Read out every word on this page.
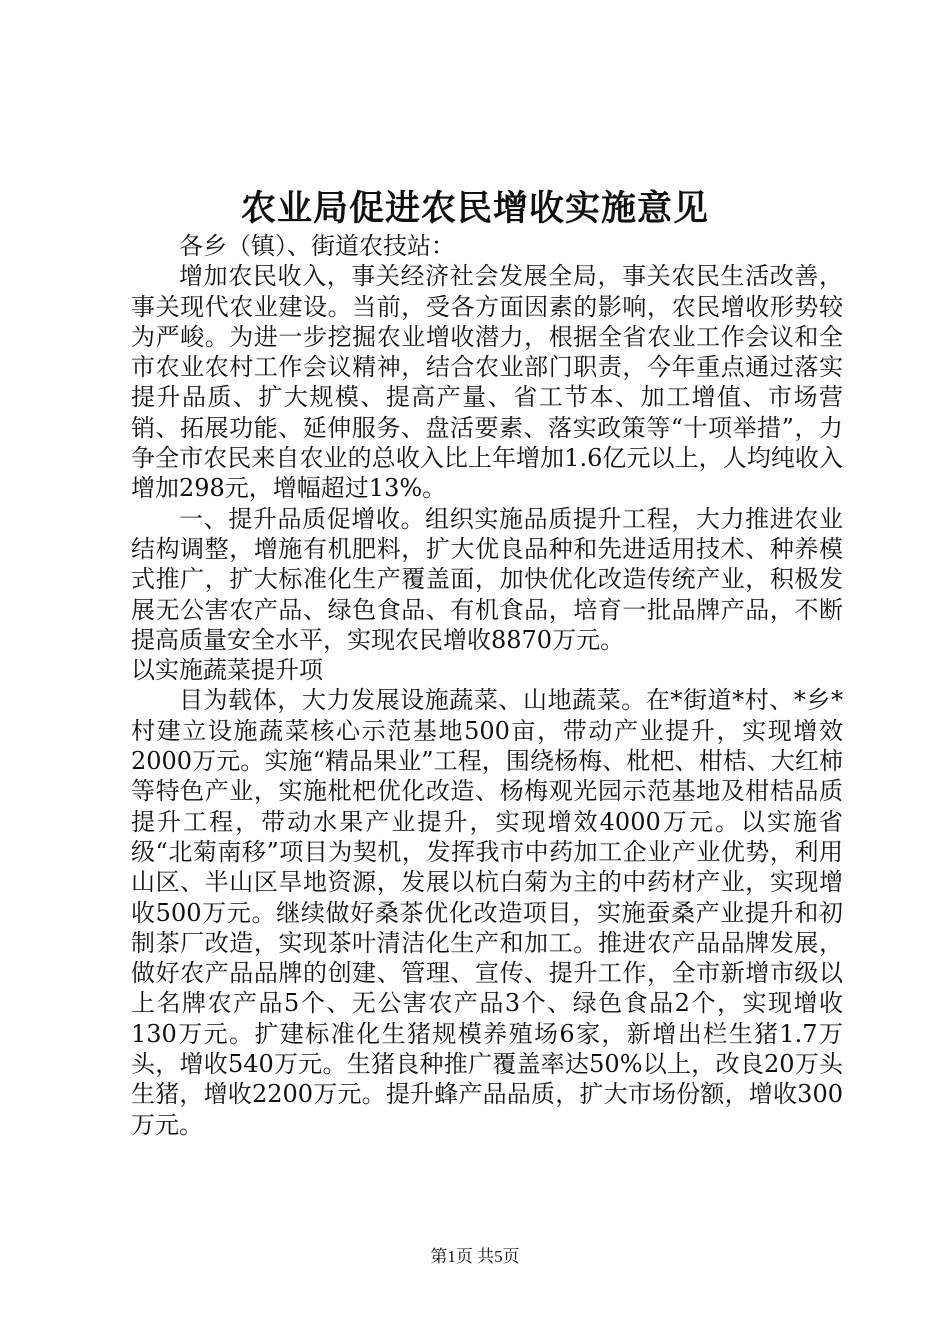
农业局促进农民增收实施意见

各乡（镇）、街道农技站：

增加农民收入，事关经济社会发展全局，事关农民生活改善，事关现代农业建设。当前，受各方面因素的影响，农民增收形势较为严峻。为进一步挖掘农业增收潜力，根据全省农业工作会议和全市农业农村工作会议精神，结合农业部门职责，今年重点通过落实提升品质、扩大规模、提高产量、省工节本、加工增值、市场营销、拓展功能、延伸服务、盘活要素、落实政策等“十项举措”，力争全市农民来自农业的总收入比上年增加1.6亿元以上，人均纯收入增加298元，增幅超过13%。

一、提升品质促增收。组织实施品质提升工程，大力推进农业结构调整，增施有机肥料，扩大优良品种和先进适用技术、种养模式推广，扩大标准化生产覆盖面，加快优化改造传统产业，积极发展无公害农产品、绿色食品、有机食品，培育一批品牌产品，不断提高质量安全水平，实现农民增收8870万元。

以实施蔬菜提升项

目为载体，大力发展设施蔬菜、山地蔬菜。在*街道*村、*乡*村建立设施蔬菜核心示范基地500亩，带动产业提升，实现增效2000万元。实施“精品果业”工程，围绕杨梅、枇杷、柑桔、大红柿等特色产业，实施枇杷优化改造、杨梅观光园示范基地及柑桔品质提升工程，带动水果产业提升，实现增效4000万元。以实施省级“北菊南移”项目为契机，发挥我市中药加工企业产业优势，利用山区、半山区旱地资源，发展以杭白菊为主的中药材产业，实现增收500万元。继续做好桑茶优化改造项目，实施蚕桑产业提升和初制茶厂改造，实现茶叶清洁化生产和加工。推进农产品品牌发展，做好农产品品牌的创建、管理、宣传、提升工作，全市新增市级以上名牌农产品5个、无公害农产品3个、绿色食品2个，实现增收130万元。扩建标准化生猪规模养殖场6家，新增出栏生猪1.7万头，增收540万元。生猪良种推广覆盖率达50%以上，改良20万头生猪，增收2200万元。提升蜂产品品质，扩大市场份额，增收300万元。

第1页 共5页
